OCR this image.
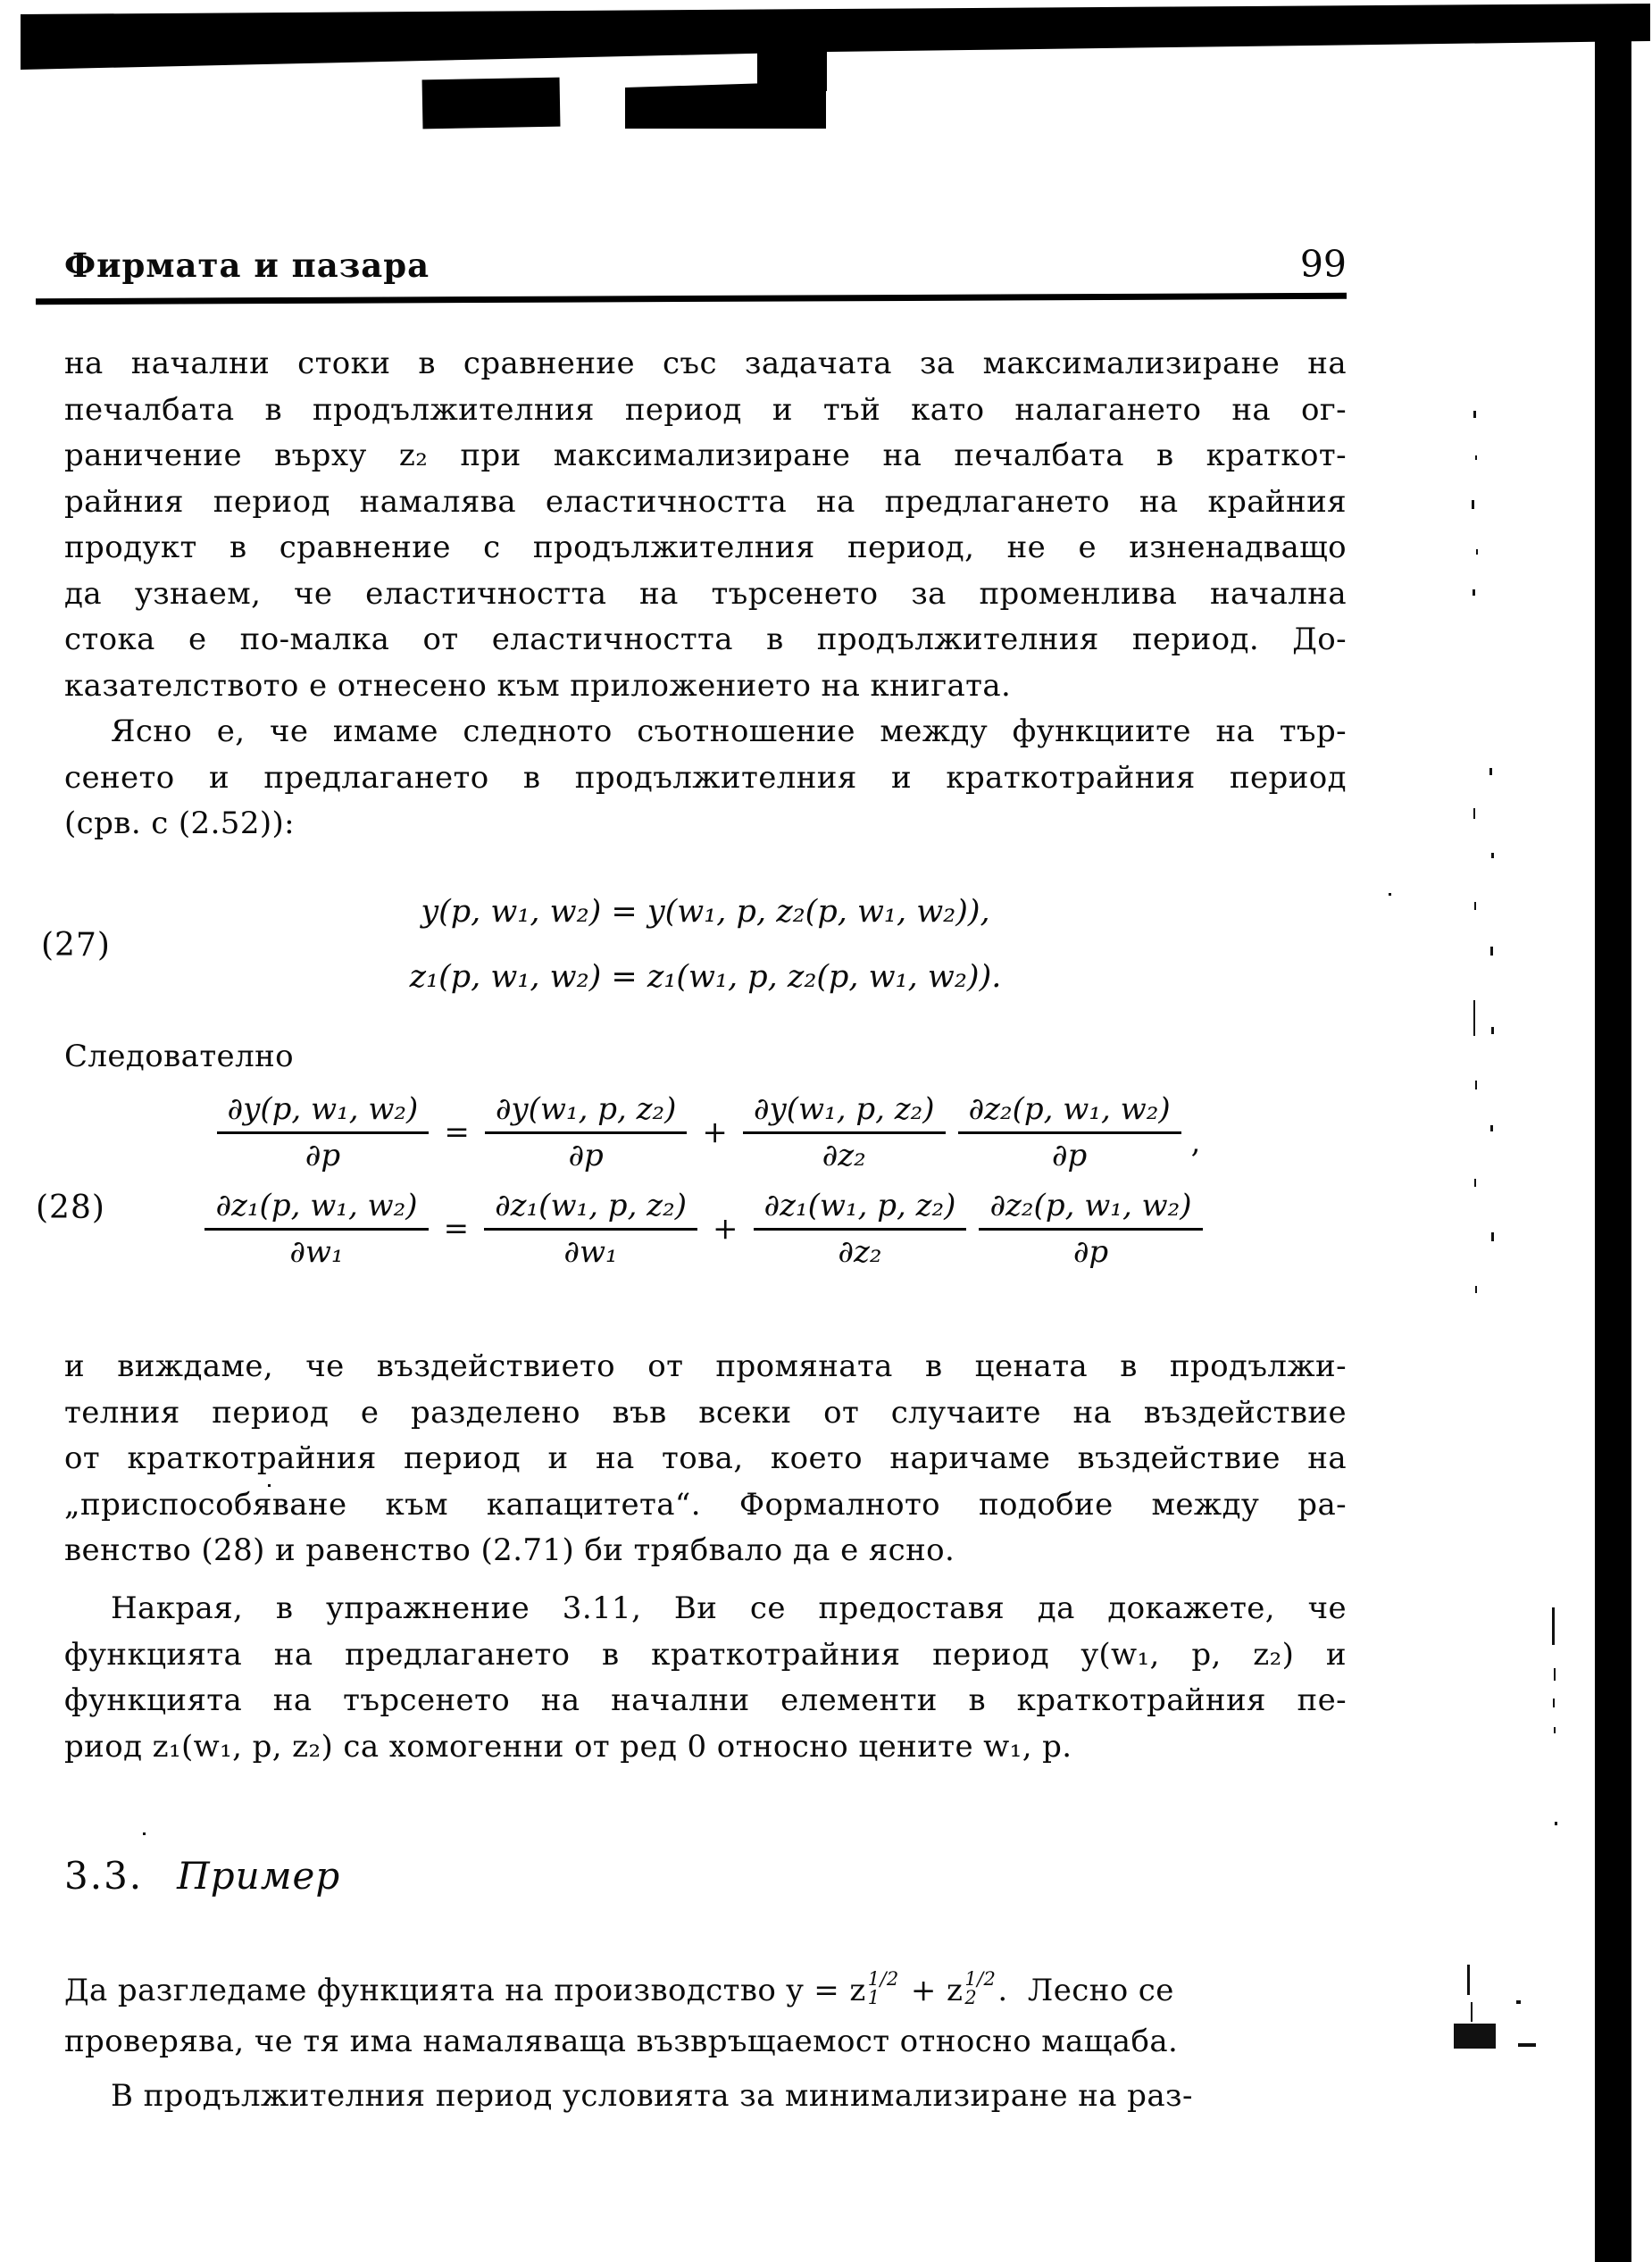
Фирмата и пазара	99
на начални стоки в сравнение със задачата за максимализиране на
печалбата в продължителния период и тъй като налагането на ог-
раничение върху z₂ при максимализиране на печалбата в краткот-
райния период намалява еластичността на предлагането на крайния
продукт в сравнение с продължителния период, не е изненадващо
да узнаем, че еластичността на търсенето за променлива начална
стока е по-малка от еластичността в продължителния период. До-
казателството е отнесено към приложението на книгата.
Ясно е, че имаме следното съотношение между функциите на тър-
сенето и предлагането в продължителния и краткотрайния период
(срв. с (2.52)):
(27)
y(p, w₁, w₂) = y(w₁, p, z₂(p, w₁, w₂)),
z₁(p, w₁, w₂) = z₁(w₁, p, z₂(p, w₁, w₂)).
Следователно
(28)
$\frac{\text{∂y(p, w₁, w₂)}}{\partial p} = \frac{\text{∂y(w₁, p, z₂)}}{\partial p} + \frac{\text{∂y(w₁, p, z₂)}}{\text{∂z₂}} \frac{\text{∂z₂(p, w₁, w₂)}}{\partial p}$ ,
$\frac{\text{∂z₁(p, w₁, w₂)}}{\text{∂w₁}} = \frac{\text{∂z₁(w₁, p, z₂)}}{\text{∂w₁}} + \frac{\text{∂z₁(w₁, p, z₂)}}{\text{∂z₂}} \frac{\text{∂z₂(p, w₁, w₂)}}{\partial p}$
и виждаме, че въздействието от промяната в цената в продължи-
телния период е разделено във всеки от случаите на въздействие
от краткотрайния период и на това, което наричаме въздействие на
„приспособяване към капацитета“. Формалното подобие между ра-
венство (28) и равенство (2.71) би трябвало да е ясно.
Накрая, в упражнение 3.11, Ви се предоставя да докажете, че
функцията на предлагането в краткотрайния период y(w₁, p, z₂) и
функцията на търсенето на начални елементи в краткотрайния пе-
риод z₁(w₁, p, z₂) са хомогенни от ред 0 относно цените w₁, p.
3.3. Пример
Да разгледаме функцията на производство y = z 1/2
1 + z 1/2
2 .  Лесно се
проверява, че тя има намаляваща възвръщаемост относно мащаба.
В продължителния период условията за минимализиране на раз-
